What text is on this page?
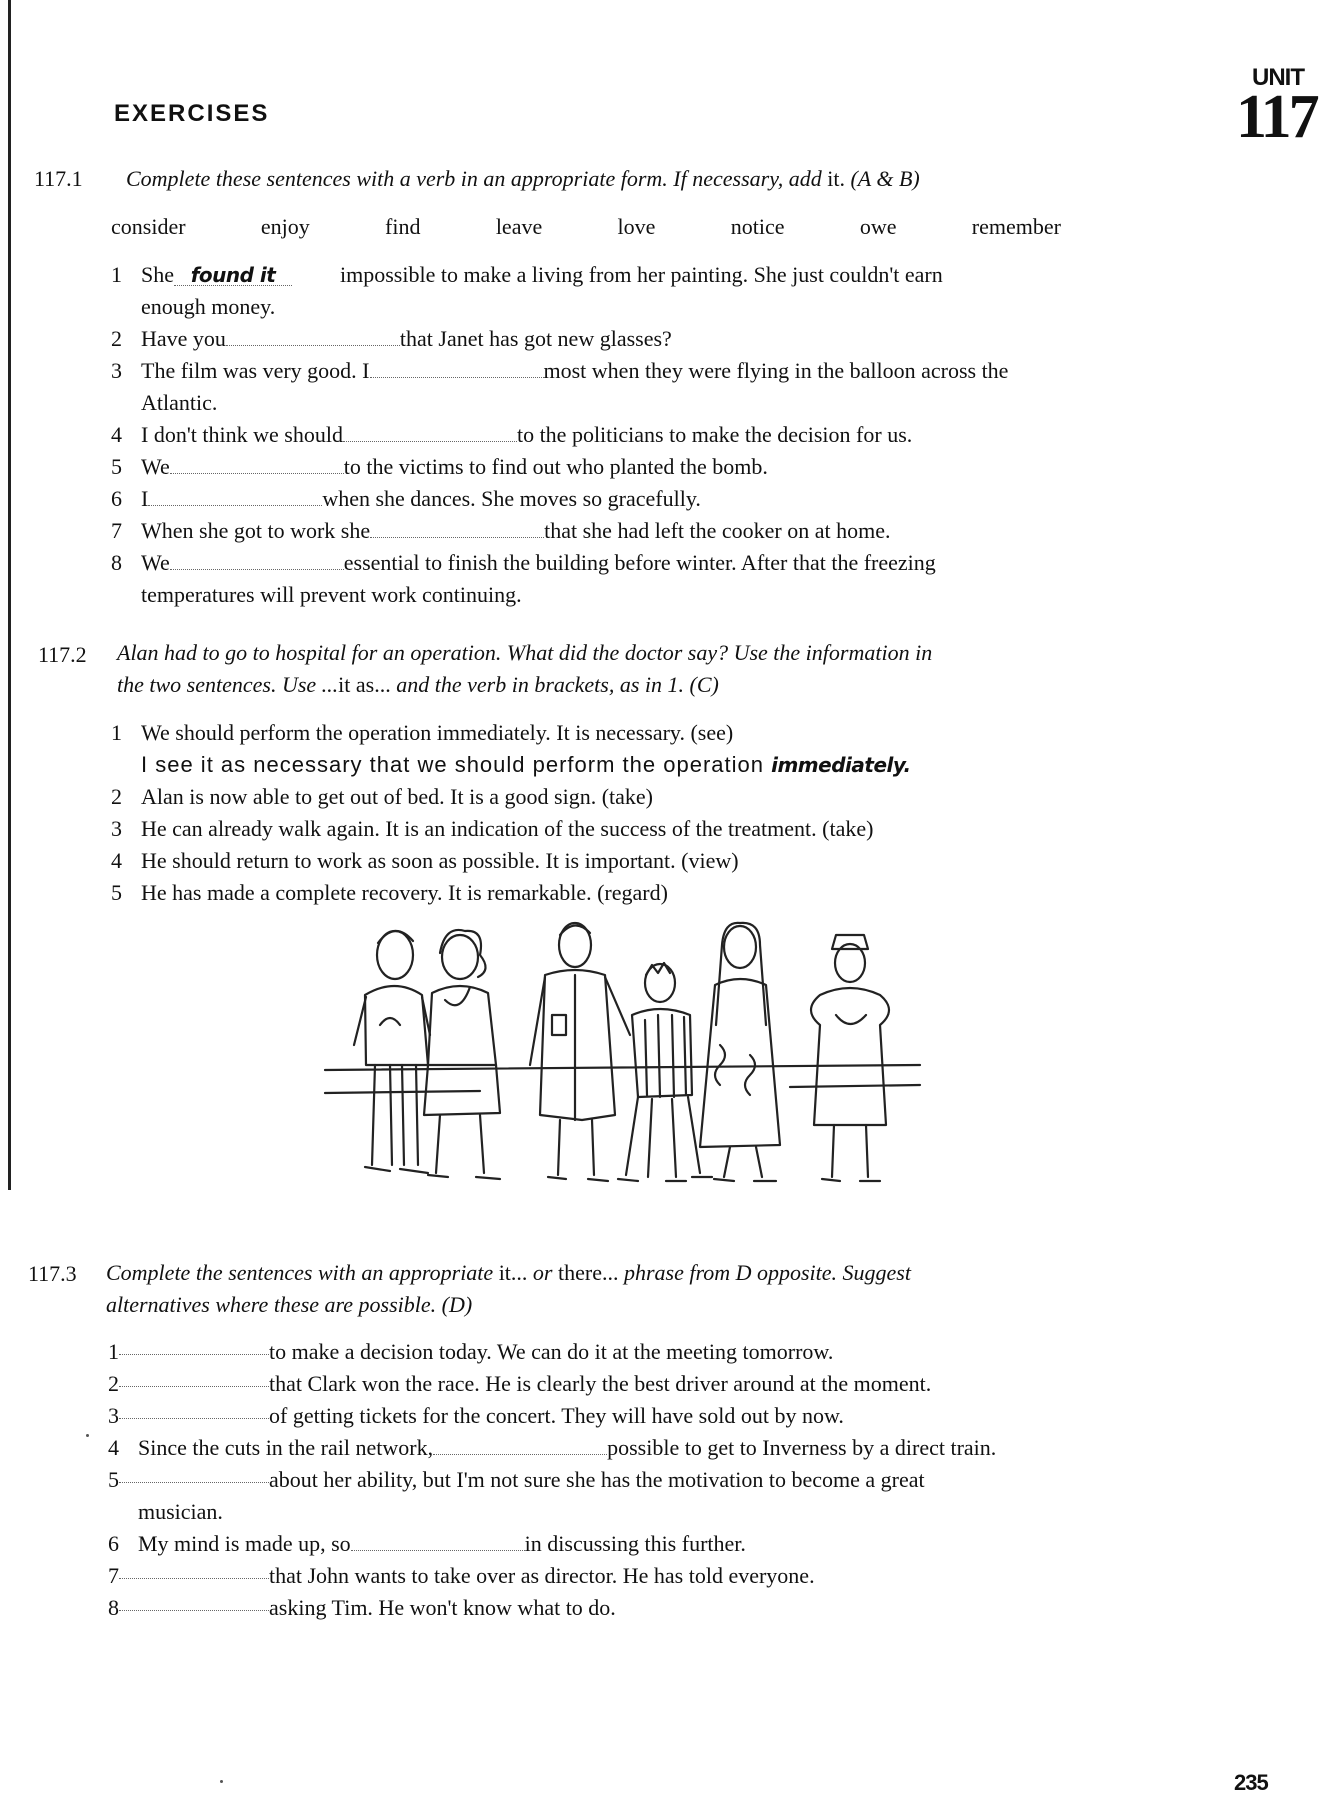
EXERCISES
UNIT
117
117.1 Complete these sentences with a verb in an appropriate form. If necessary, add it. (A & B)
consider	enjoy	find	leave	love	notice	owe	remember
1 She found it	impossible to make a living from her painting. She just couldn't earn
enough money.
2 Have you	that Janet has got new glasses?
3 The film was very good. I	most when they were flying in the balloon across the
Atlantic.
4 I don't think we should	to the politicians to make the decision for us.
5 We	to the victims to find out who planted the bomb.
6 I	when she dances. She moves so gracefully.
7 When she got to work she	that she had left the cooker on at home.
8 We	essential to finish the building before winter. After that the freezing
temperatures will prevent work continuing.
117.2 Alan had to go to hospital for an operation. What did the doctor say? Use the information in
the two sentences. Use ...it as... and the verb in brackets, as in 1. (C)
1 We should perform the operation immediately. It is necessary. (see)
I see it as necessary that we should perform the operation
immediately.
2 Alan is now able to get out of bed. It is a good sign. (take)
3 He can already walk again. It is an indication of the success of the treatment. (take)
4 He should return to work as soon as possible. It is important. (view)
5 He has made a complete recovery. It is remarkable. (regard)
117.3 Complete the sentences with an appropriate it... or there... phrase from D opposite. Suggest
alternatives where these are possible. (D)
1	to make a decision today. We can do it at the meeting tomorrow.
2	that Clark won the race. He is clearly the best driver around at the moment.
3	of getting tickets for the concert. They will have sold out by now.
4 Since the cuts in the rail network,	possible to get to Inverness by a direct train.
5	about her ability, but I'm not sure she has the motivation to become a great
musician.
6 My mind is made up, so	in discussing this further.
7	that John wants to take over as director. He has told everyone.
8	asking Tim. He won't know what to do.
235
